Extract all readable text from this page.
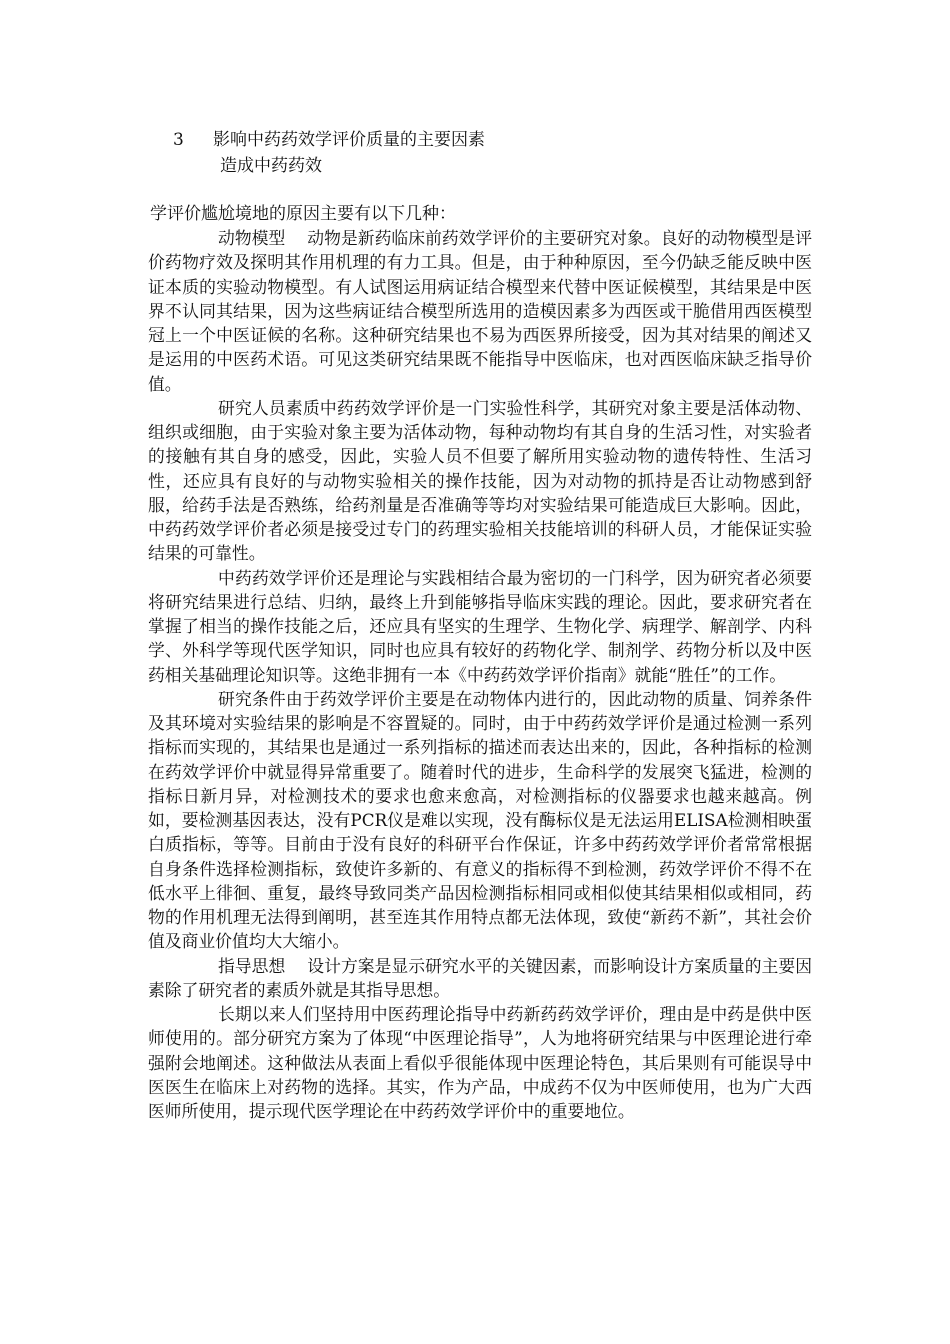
3 影响中药药效学评价质量的主要因素
造成中药药效
学评价尴尬境地的原因主要有以下几种：

动物模型 动物是新药临床前药效学评价的主要研究对象。良好的动物模型是评价药物疗效及探明其作用机理的有力工具。但是，由于种种原因，至今仍缺乏能反映中医证本质的实验动物模型。有人试图运用病证结合模型来代替中医证候模型，其结果是中医界不认同其结果，因为这些病证结合模型所选用的造模因素多为西医或干脆借用西医模型冠上一个中医证候的名称。这种研究结果也不易为西医界所接受，因为其对结果的阐述又是运用的中医药术语。可见这类研究结果既不能指导中医临床，也对西医临床缺乏指导价值。

研究人员素质中药药效学评价是一门实验性科学，其研究对象主要是活体动物、组织或细胞，由于实验对象主要为活体动物，每种动物均有其自身的生活习性，对实验者的接触有其自身的感受，因此，实验人员不但要了解所用实验动物的遗传特性、生活习性，还应具有良好的与动物实验相关的操作技能，因为对动物的抓持是否让动物感到舒服，给药手法是否熟练，给药剂量是否准确等等均对实验结果可能造成巨大影响。因此，中药药效学评价者必须是接受过专门的药理实验相关技能培训的科研人员，才能保证实验结果的可靠性。

中药药效学评价还是理论与实践相结合最为密切的一门科学，因为研究者必须要将研究结果进行总结、归纳，最终上升到能够指导临床实践的理论。因此，要求研究者在掌握了相当的操作技能之后，还应具有坚实的生理学、生物化学、病理学、解剖学、内科学、外科学等现代医学知识，同时也应具有较好的药物化学、制剂学、药物分析以及中医药相关基础理论知识等。这绝非拥有一本《中药药效学评价指南》就能“胜任”的工作。

研究条件由于药效学评价主要是在动物体内进行的，因此动物的质量、饲养条件及其环境对实验结果的影响是不容置疑的。同时，由于中药药效学评价是通过检测一系列指标而实现的，其结果也是通过一系列指标的描述而表达出来的，因此，各种指标的检测在药效学评价中就显得异常重要了。随着时代的进步，生命科学的发展突飞猛进，检测的指标日新月异，对检测技术的要求也愈来愈高，对检测指标的仪器要求也越来越高。例如，要检测基因表达，没有PCR仪是难以实现，没有酶标仪是无法运用ELISA检测相映蛋白质指标，等等。目前由于没有良好的科研平台作保证，许多中药药效学评价者常常根据自身条件选择检测指标，致使许多新的、有意义的指标得不到检测，药效学评价不得不在低水平上徘徊、重复，最终导致同类产品因检测指标相同或相似使其结果相似或相同，药物的作用机理无法得到阐明，甚至连其作用特点都无法体现，致使“新药不新”，其社会价值及商业价值均大大缩小。

指导思想 设计方案是显示研究水平的关键因素，而影响设计方案质量的主要因素除了研究者的素质外就是其指导思想。

长期以来人们坚持用中医药理论指导中药新药药效学评价，理由是中药是供中医师使用的。部分研究方案为了体现“中医理论指导”，人为地将研究结果与中医理论进行牵强附会地阐述。这种做法从表面上看似乎很能体现中医理论特色，其后果则有可能误导中医医生在临床上对药物的选择。其实，作为产品，中成药不仅为中医师使用，也为广大西医师所使用，提示现代医学理论在中药药效学评价中的重要地位。
